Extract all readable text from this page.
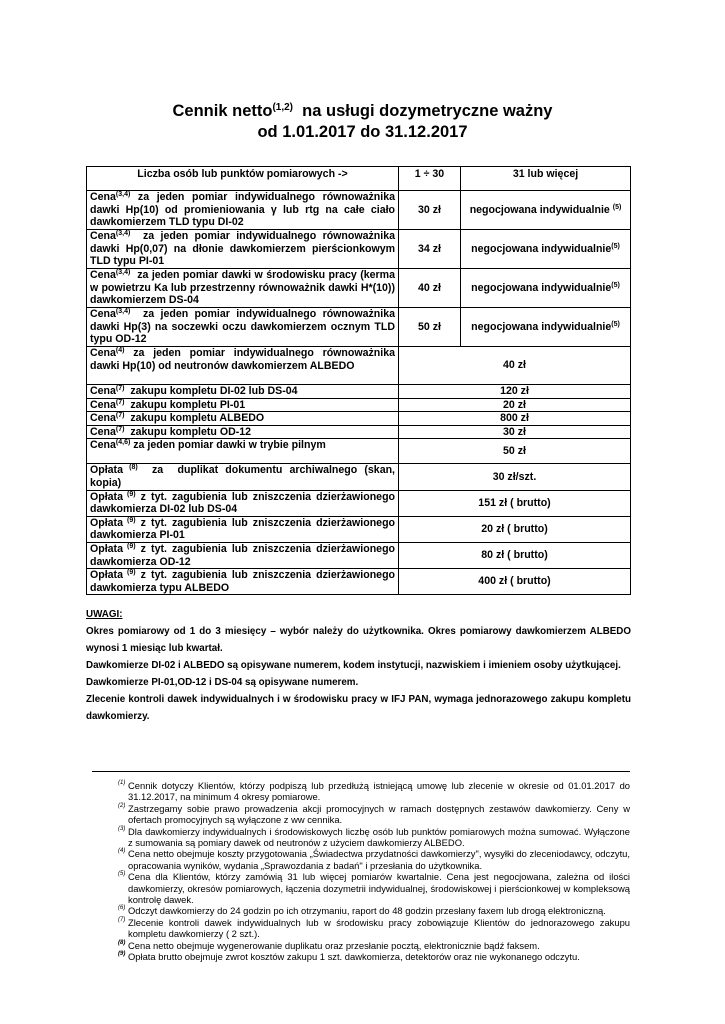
Cennik netto$^{(1,2)}$  na usługi dozymetryczne ważny
od 1.01.2017 do 31.12.2017
Liczba osób lub punktów pomiarowych ->	1 ÷ 30	31 lub więcej
Cena$^{(3,4)}$ za jeden pomiar indywidualnego równoważnika dawki Hp(10) od promieniowania γ lub rtg na całe ciało dawkomierzem TLD typu DI-02	30 zł	negocjowana indywidualnie $^{(5)}$
Cena$^{(3,4)}$  za jeden pomiar indywidualnego równoważnika dawki Hp(0,07) na dłonie dawkomierzem pierścionkowym TLD typu PI-01	34 zł	negocjowana indywidualnie$^{(5)}$
Cena$^{(3,4)}$  za jeden pomiar dawki w środowisku pracy (kerma w powietrzu Ka lub przestrzenny równoważnik dawki H*(10)) dawkomierzem DS-04	40 zł	negocjowana indywidualnie$^{(5)}$
Cena$^{(3,4)}$  za jeden pomiar indywidualnego równoważnika dawki Hp(3) na soczewki oczu dawkomierzem ocznym TLD typu OD-12	50 zł	negocjowana indywidualnie$^{(5)}$
Cena$^{(4)}$ za jeden pomiar indywidualnego równoważnika dawki Hp(10) od neutronów dawkomierzem ALBEDO	40 zł	
Cena$^{(7)}$  zakupu kompletu DI-02 lub DS-04	120 zł	
Cena$^{(7)}$  zakupu kompletu PI-01	20 zł	
Cena$^{(7)}$  zakupu kompletu ALBEDO	800 zł	
Cena$^{(7)}$  zakupu kompletu OD-12	30 zł	
Cena$^{(4,6)}$ za jeden pomiar dawki w trybie pilnym	50 zł	
Opłata $^{(8)}$  za  duplikat dokumentu archiwalnego (skan, kopia)	30 zł/szt.	
Opłata $^{(9)}$ z tyt. zagubienia lub zniszczenia dzierżawionego dawkomierza DI-02 lub DS-04	151 zł ( brutto)	
Opłata $^{(9)}$ z tyt. zagubienia lub zniszczenia dzierżawionego dawkomierza PI-01	20 zł ( brutto)	
Opłata $^{(9)}$ z tyt. zagubienia lub zniszczenia dzierżawionego dawkomierza OD-12	80 zł ( brutto)	
Opłata $^{(9)}$ z tyt. zagubienia lub zniszczenia dzierżawionego dawkomierza typu ALBEDO	400 zł ( brutto)	

UWAGI:

Okres pomiarowy od 1 do 3 miesięcy – wybór należy do użytkownika. Okres pomiarowy dawkomierzem ALBEDO wynosi 1 miesiąc lub kwartał.

Dawkomierze DI-02 i ALBEDO są opisywane numerem, kodem instytucji, nazwiskiem i imieniem osoby użytkującej.

Dawkomierze PI-01,OD-12 i DS-04 są opisywane numerem.

Zlecenie kontroli dawek indywidualnych i w środowisku pracy w IFJ PAN, wymaga jednorazowego zakupu kompletu dawkomierzy.

(1) Cennik dotyczy Klientów, którzy podpiszą lub przedłużą istniejącą umowę lub zlecenie w okresie od 01.01.2017 do 31.12.2017, na minimum 4 okresy pomiarowe.

(2) Zastrzegamy sobie prawo prowadzenia akcji promocyjnych w ramach dostępnych zestawów dawkomierzy. Ceny w ofertach promocyjnych są wyłączone z ww cennika.

(3) Dla dawkomierzy indywidualnych i środowiskowych liczbę osób lub punktów pomiarowych można sumować. Wyłączone z sumowania są pomiary dawek od neutronów z użyciem dawkomierzy ALBEDO.

(4) Cena netto obejmuje koszty przygotowania „Świadectwa przydatności dawkomierzy", wysyłki do zleceniodawcy, odczytu, opracowania wyników, wydania „Sprawozdania z badań" i przesłania do użytkownika.

(5) Cena dla Klientów, którzy zamówią 31 lub więcej pomiarów kwartalnie. Cena jest negocjowana, zależna od ilości dawkomierzy, okresów pomiarowych, łączenia dozymetrii indywidualnej, środowiskowej i pierścionkowej w kompleksową kontrolę dawek.

(6) Odczyt dawkomierzy do 24 godzin po ich otrzymaniu, raport do 48 godzin przesłany faxem lub drogą elektroniczną.

(7) Zlecenie kontroli dawek indywidualnych lub w środowisku pracy zobowiązuje Klientów do jednorazowego zakupu kompletu dawkomierzy ( 2 szt.).

(8) Cena netto obejmuje wygenerowanie duplikatu oraz przesłanie pocztą, elektronicznie bądź faksem.

(9) Opłata brutto obejmuje zwrot kosztów zakupu 1 szt. dawkomierza, detektorów oraz nie wykonanego odczytu.
